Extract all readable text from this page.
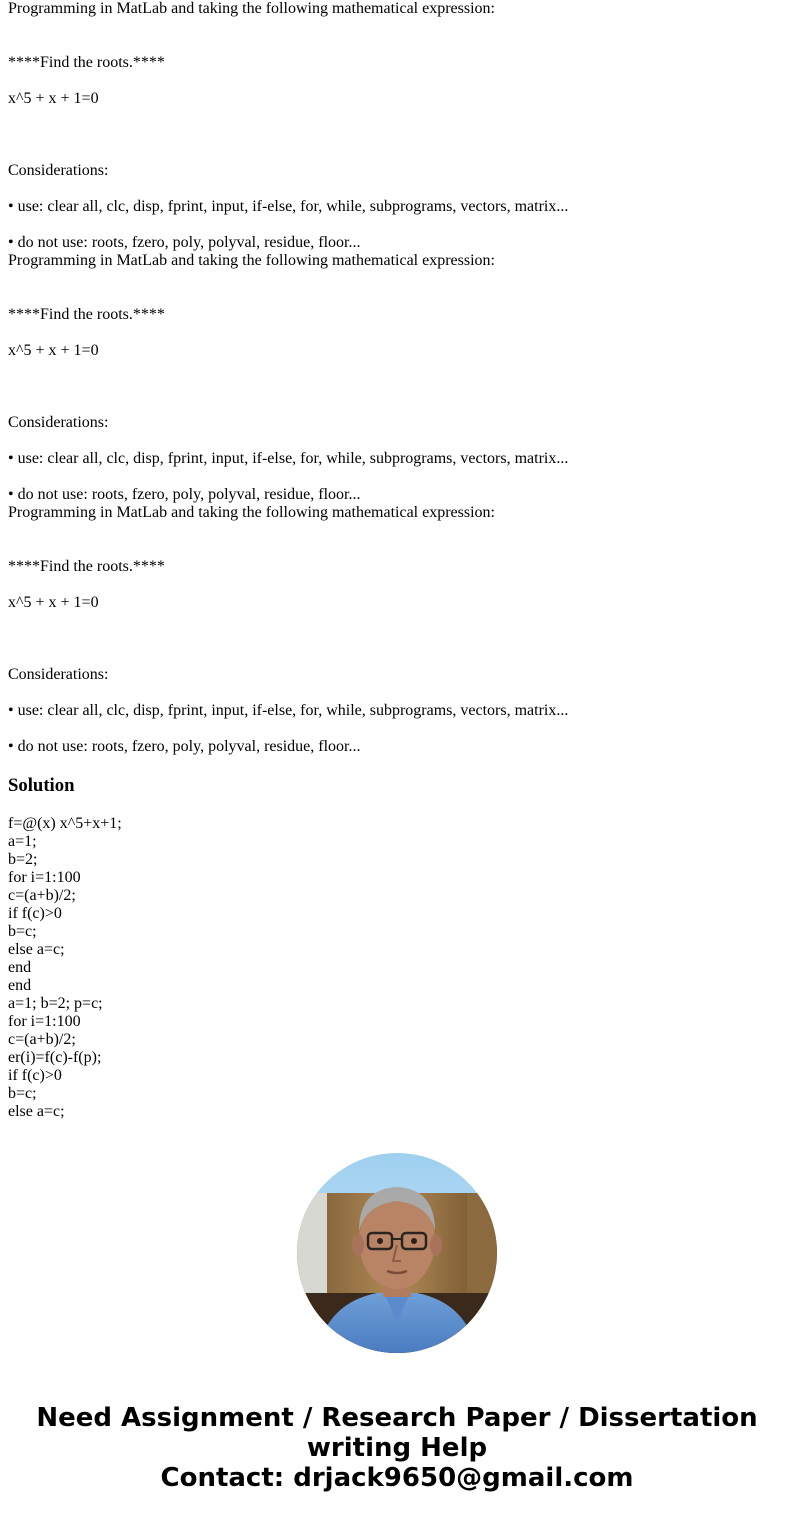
Programming in MatLab and taking the following mathematical expression:
****Find the roots.****
x^5 + x + 1=0
Considerations:
• use: clear all, clc, disp, fprint, input, if-else, for, while, subprograms, vectors, matrix...
• do not use: roots, fzero, poly, polyval, residue, floor...
Programming in MatLab and taking the following mathematical expression:
****Find the roots.****
x^5 + x + 1=0
Considerations:
• use: clear all, clc, disp, fprint, input, if-else, for, while, subprograms, vectors, matrix...
• do not use: roots, fzero, poly, polyval, residue, floor...
Programming in MatLab and taking the following mathematical expression:
****Find the roots.****
x^5 + x + 1=0
Considerations:
• use: clear all, clc, disp, fprint, input, if-else, for, while, subprograms, vectors, matrix...
• do not use: roots, fzero, poly, polyval, residue, floor...
Solution
f=@(x) x^5+x+1;
a=1;
b=2;
for i=1:100
c=(a+b)/2;
if f(c)>0
b=c;
else a=c;
end
end
a=1; b=2; p=c;
for i=1:100
c=(a+b)/2;
er(i)=f(c)-f(p);
if f(c)>0
b=c;
else a=c;
Need Assignment / Research Paper / Dissertation
writing Help
Contact: drjack9650@gmail.com
